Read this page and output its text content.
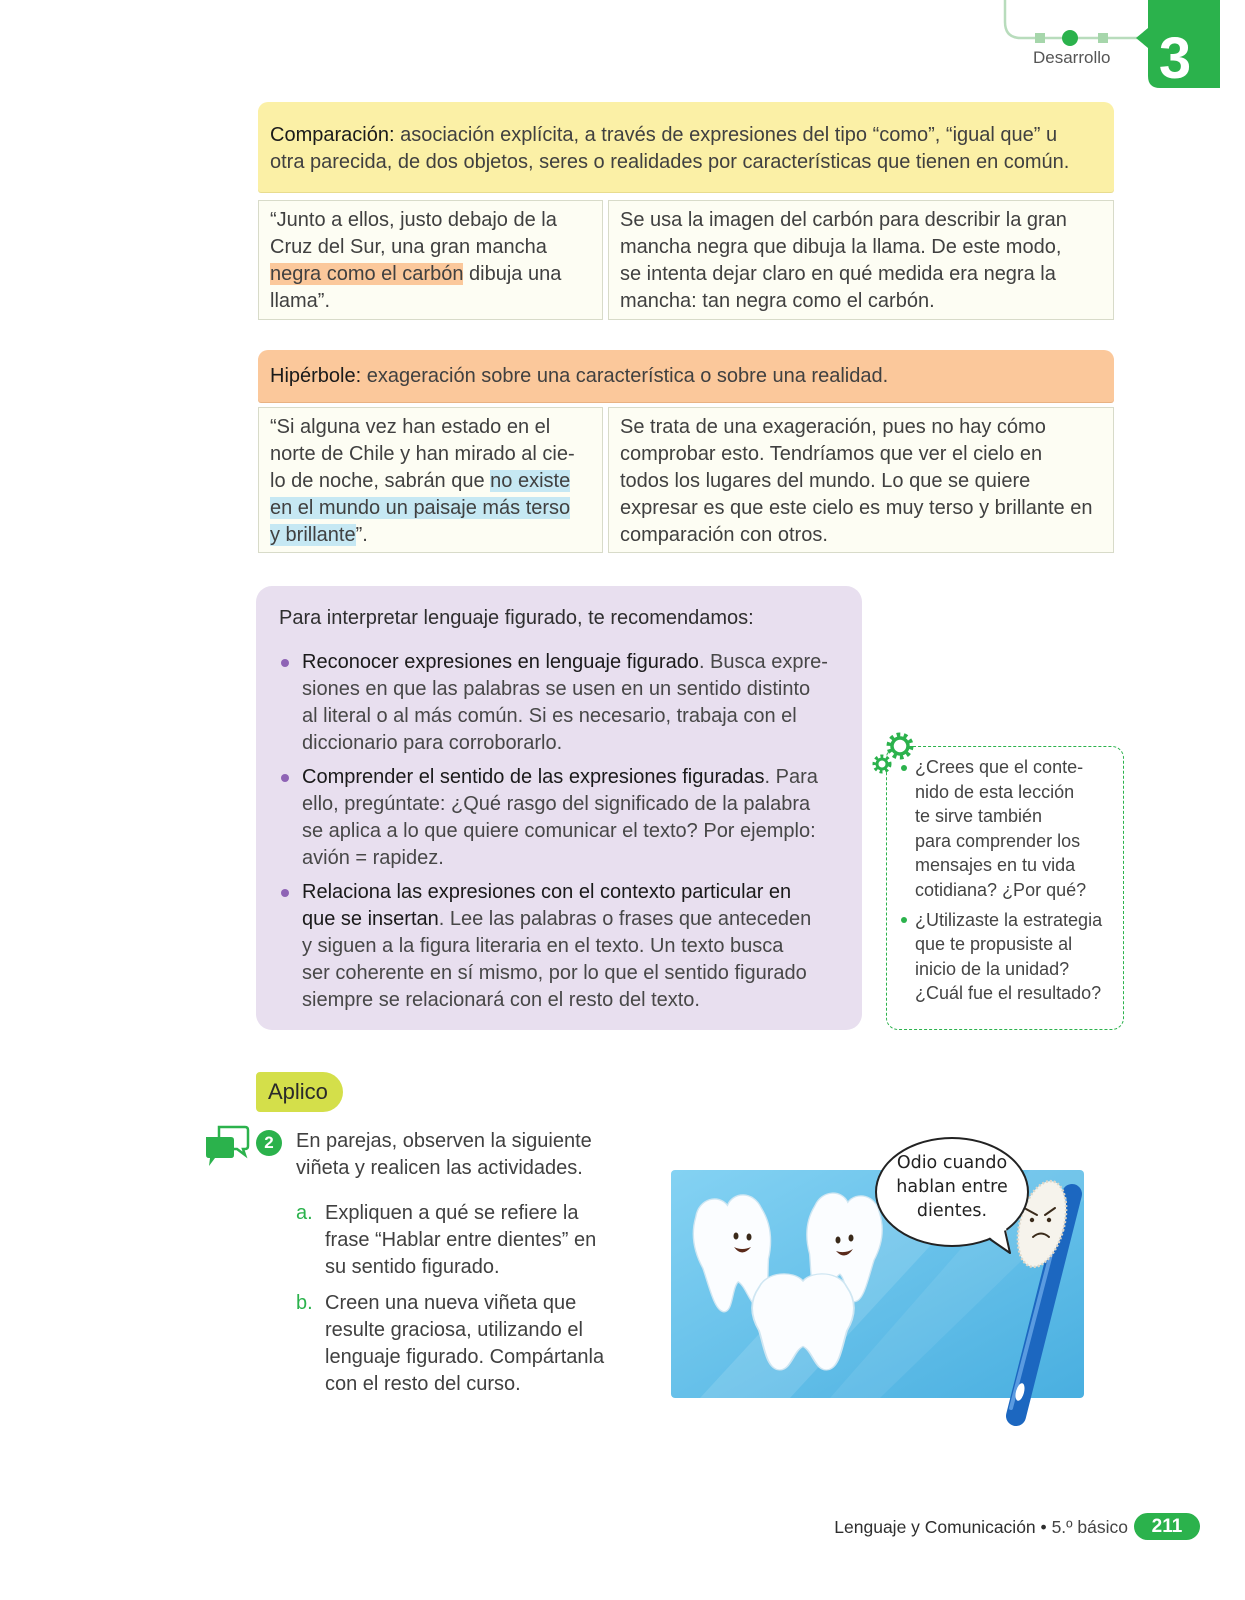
3
Desarrollo
Comparación: asociación explícita, a través de expresiones del tipo “como”, “igual que” u
otra parecida, de dos objetos, seres o realidades por características que tienen en común.
“Junto a ellos, justo debajo de la
Cruz del Sur, una gran mancha
negra como el carbón dibuja una
llama”.
Se usa la imagen del carbón para describir la gran
mancha negra que dibuja la llama. De este modo,
se intenta dejar claro en qué medida era negra la
mancha: tan negra como el carbón.
Hipérbole: exageración sobre una característica o sobre una realidad.
“Si alguna vez han estado en el
norte de Chile y han mirado al cie-
lo de noche, sabrán que no existe
en el mundo un paisaje más terso
y brillante”.
Se trata de una exageración, pues no hay cómo
comprobar esto. Tendríamos que ver el cielo en
todos los lugares del mundo. Lo que se quiere
expresar es que este cielo es muy terso y brillante en
comparación con otros.
Para interpretar lenguaje figurado, te recomendamos:
Reconocer expresiones en lenguaje figurado. Busca expre-
siones en que las palabras se usen en un sentido distinto
al literal o al más común. Si es necesario, trabaja con el
diccionario para corroborarlo.
Comprender el sentido de las expresiones figuradas. Para
ello, pregúntate: ¿Qué rasgo del significado de la palabra
se aplica a lo que quiere comunicar el texto? Por ejemplo:
avión = rapidez.
Relaciona las expresiones con el contexto particular en
que se insertan. Lee las palabras o frases que anteceden
y siguen a la figura literaria en el texto. Un texto busca
ser coherente en sí mismo, por lo que el sentido figurado
siempre se relacionará con el resto del texto.
¿Crees que el conte-
nido de esta lección
te sirve también
para comprender los
mensajes en tu vida
cotidiana? ¿Por qué?
¿Utilizaste la estrategia
que te propusiste al
inicio de la unidad?
¿Cuál fue el resultado?
Aplico
2	En parejas, observen la siguiente
viñeta y realicen las actividades.
a. Expliquen a qué se refiere la
frase “Hablar entre dientes” en
su sentido figurado.
b. Creen una nueva viñeta que
resulte graciosa, utilizando el
lenguaje figurado. Compártanla
con el resto del curso.
Odio cuando
hablan entre
dientes.
Lenguaje y Comunicación • 5.º básico	211
